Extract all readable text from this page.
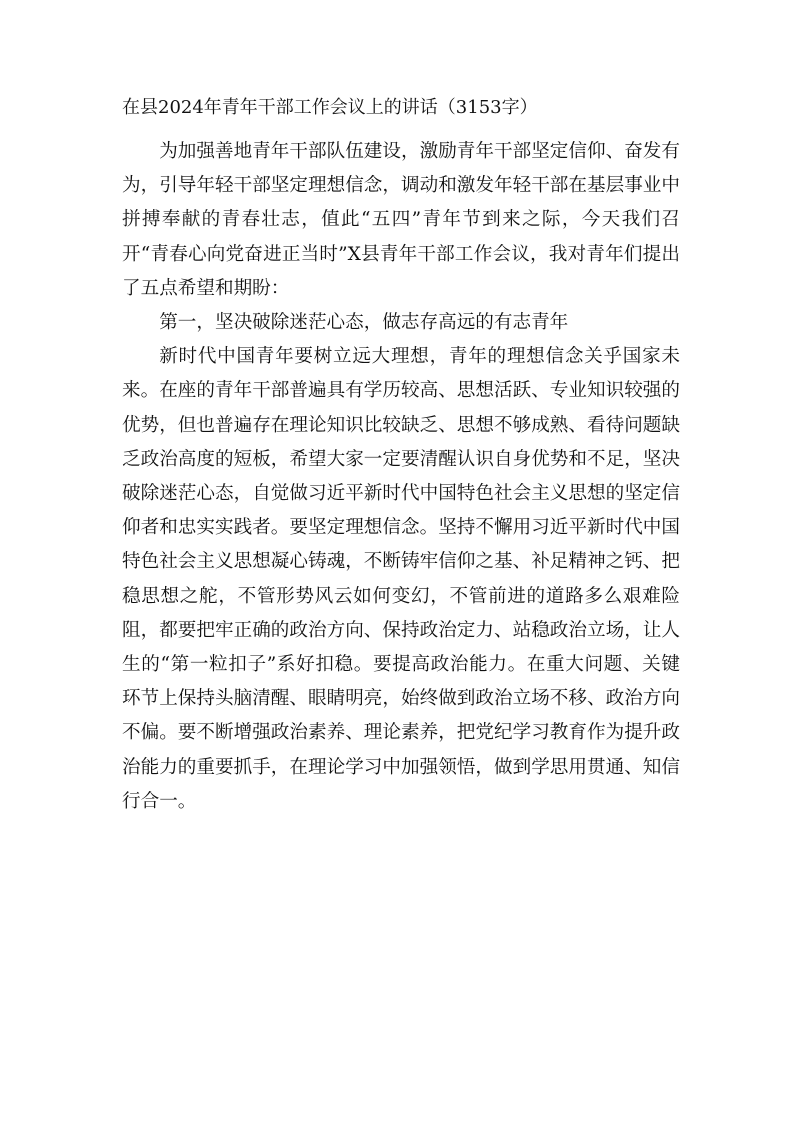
在县2024年青年干部工作会议上的讲话（3153字）

为加强善地青年干部队伍建设，激励青年干部坚定信仰、奋发有为，引导年轻干部坚定理想信念，调动和激发年轻干部在基层事业中拼搏奉献的青春壮志，值此“五四”青年节到来之际，今天我们召开“青春心向党奋进正当时”X县青年干部工作会议，我对青年们提出了五点希望和期盼：

第一，坚决破除迷茫心态，做志存高远的有志青年

新时代中国青年要树立远大理想，青年的理想信念关乎国家未来。在座的青年干部普遍具有学历较高、思想活跃、专业知识较强的优势，但也普遍存在理论知识比较缺乏、思想不够成熟、看待问题缺乏政治高度的短板，希望大家一定要清醒认识自身优势和不足，坚决破除迷茫心态，自觉做习近平新时代中国特色社会主义思想的坚定信仰者和忠实实践者。要坚定理想信念。坚持不懈用习近平新时代中国特色社会主义思想凝心铸魂，不断铸牢信仰之基、补足精神之钙、把稳思想之舵，不管形势风云如何变幻，不管前进的道路多么艰难险阻，都要把牢正确的政治方向、保持政治定力、站稳政治立场，让人生的“第一粒扣子”系好扣稳。要提高政治能力。在重大问题、关键环节上保持头脑清醒、眼睛明亮，始终做到政治立场不移、政治方向不偏。要不断增强政治素养、理论素养，把党纪学习教育作为提升政治能力的重要抓手，在理论学习中加强领悟，做到学思用贯通、知信行合一。
